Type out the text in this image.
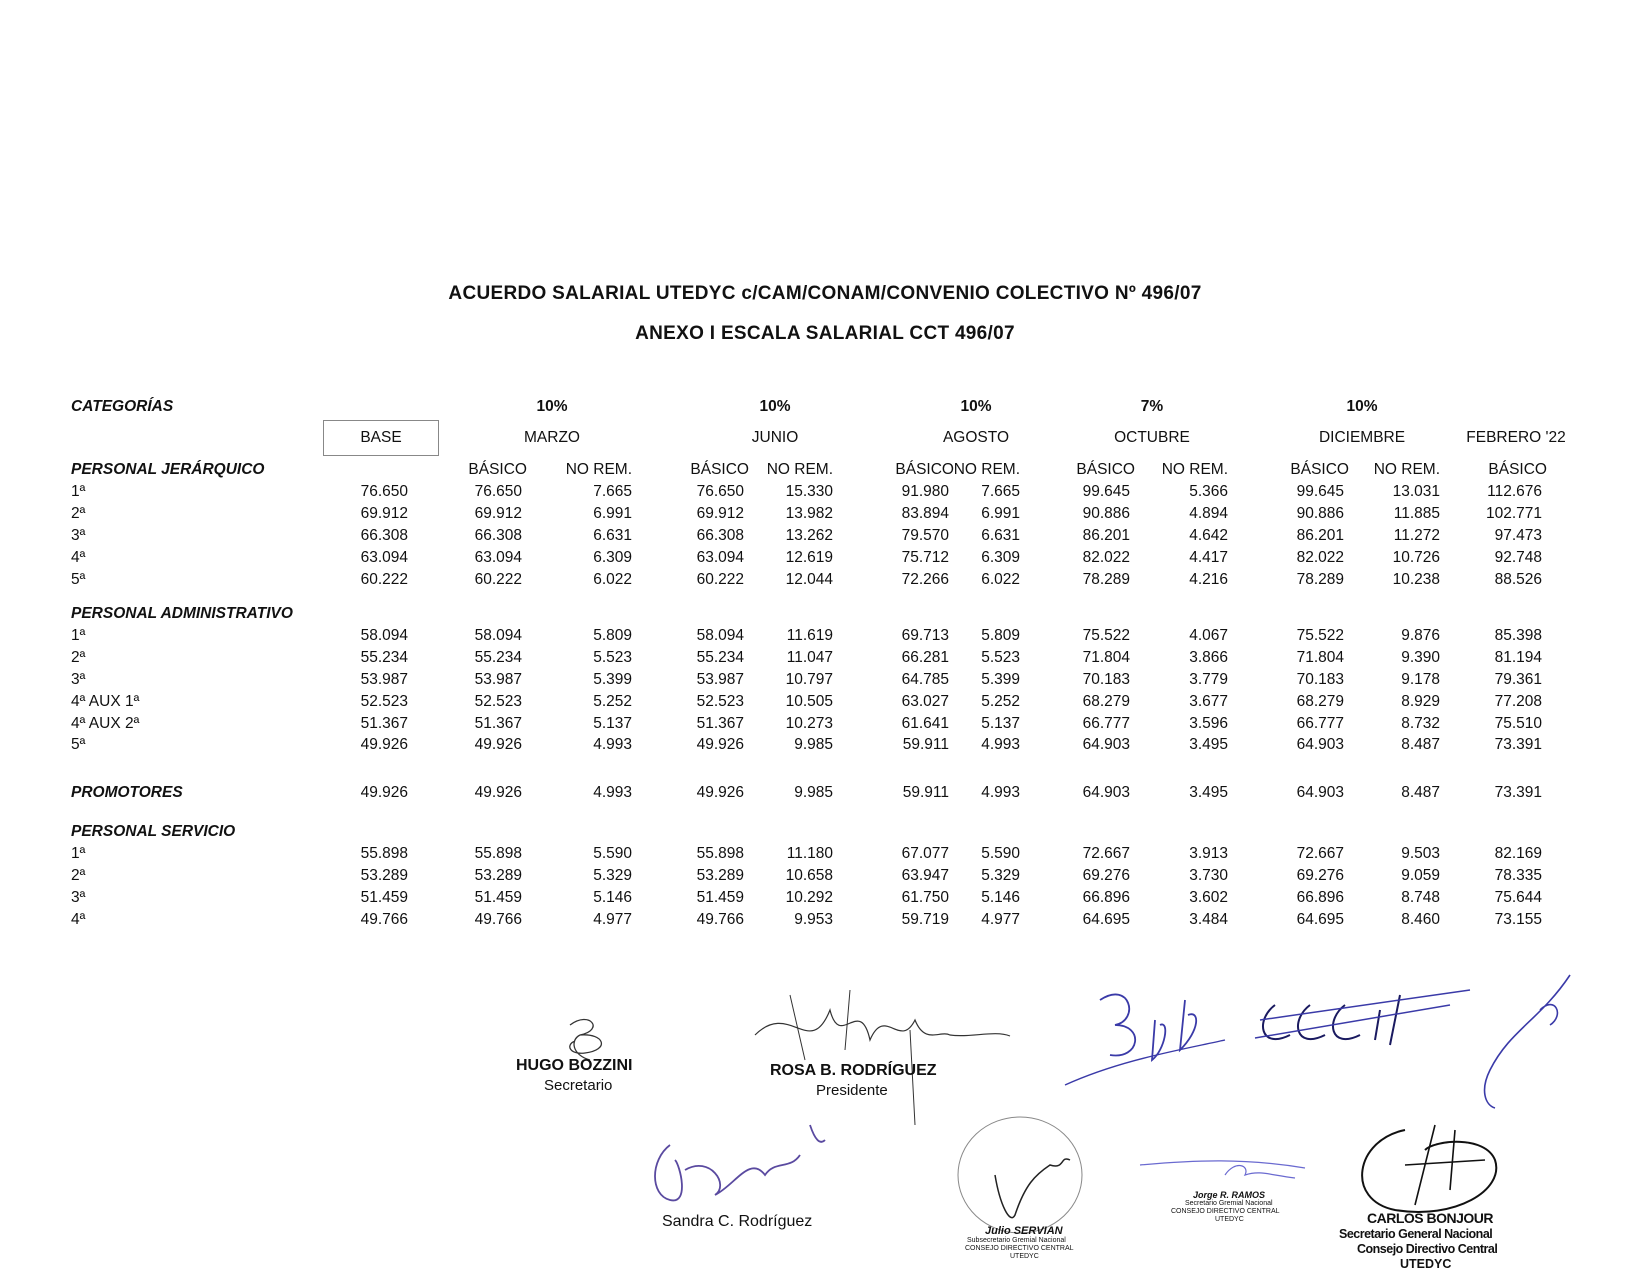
ACUERDO SALARIAL UTEDYC c/CAM/CONAM/CONVENIO COLECTIVO Nº 496/07
ANEXO I ESCALA SALARIAL CCT 496/07
CATEGORÍAS	10%	10%	10%	7%	10%
BASE	MARZO	JUNIO	AGOSTO	OCTUBRE	DICIEMBRE	FEBRERO '22
BÁSICO	NO REM.	BÁSICO	NO REM.	BÁSICO NO REM.	BÁSICO	NO REM.	BÁSICO	NO REM.	BÁSICO
PERSONAL JERÁRQUICO
1ª	76.650	76.650	7.665	76.650	15.330	91.980	7.665	99.645	5.366	99.645	13.031	112.676
2ª	69.912	69.912	6.991	69.912	13.982	83.894	6.991	90.886	4.894	90.886	11.885	102.771
3ª	66.308	66.308	6.631	66.308	13.262	79.570	6.631	86.201	4.642	86.201	11.272	97.473
4ª	63.094	63.094	6.309	63.094	12.619	75.712	6.309	82.022	4.417	82.022	10.726	92.748
5ª	60.222	60.222	6.022	60.222	12.044	72.266	6.022	78.289	4.216	78.289	10.238	88.526
PERSONAL ADMINISTRATIVO
1ª	58.094	58.094	5.809	58.094	11.619	69.713	5.809	75.522	4.067	75.522	9.876	85.398
2ª	55.234	55.234	5.523	55.234	11.047	66.281	5.523	71.804	3.866	71.804	9.390	81.194
3ª	53.987	53.987	5.399	53.987	10.797	64.785	5.399	70.183	3.779	70.183	9.178	79.361
4ª AUX 1ª	52.523	52.523	5.252	52.523	10.505	63.027	5.252	68.279	3.677	68.279	8.929	77.208
4ª AUX 2ª	51.367	51.367	5.137	51.367	10.273	61.641	5.137	66.777	3.596	66.777	8.732	75.510
5ª	49.926	49.926	4.993	49.926	9.985	59.911	4.993	64.903	3.495	64.903	8.487	73.391
PROMOTORES	49.926	49.926	4.993	49.926	9.985	59.911	4.993	64.903	3.495	64.903	8.487	73.391
PERSONAL SERVICIO
1ª	55.898	55.898	5.590	55.898	11.180	67.077	5.590	72.667	3.913	72.667	9.503	82.169
2ª	53.289	53.289	5.329	53.289	10.658	63.947	5.329	69.276	3.730	69.276	9.059	78.335
3ª	51.459	51.459	5.146	51.459	10.292	61.750	5.146	66.896	3.602	66.896	8.748	75.644
4ª	49.766	49.766	4.977	49.766	9.953	59.719	4.977	64.695	3.484	64.695	8.460	73.155
HUGO BOZZINI
Secretario
ROSA B. RODRÍGUEZ
Presidente
Sandra C. Rodríguez
Julio SERVIAN
Subsecretario Gremial Nacional
CONSEJO DIRECTIVO CENTRAL
UTEDYC
Jorge R. RAMOS
Secretario Gremial Nacional
CONSEJO DIRECTIVO CENTRAL
UTEDYC	CARLOS BONJOUR
Secretario General Nacional
Consejo Directivo Central
UTEDYC
